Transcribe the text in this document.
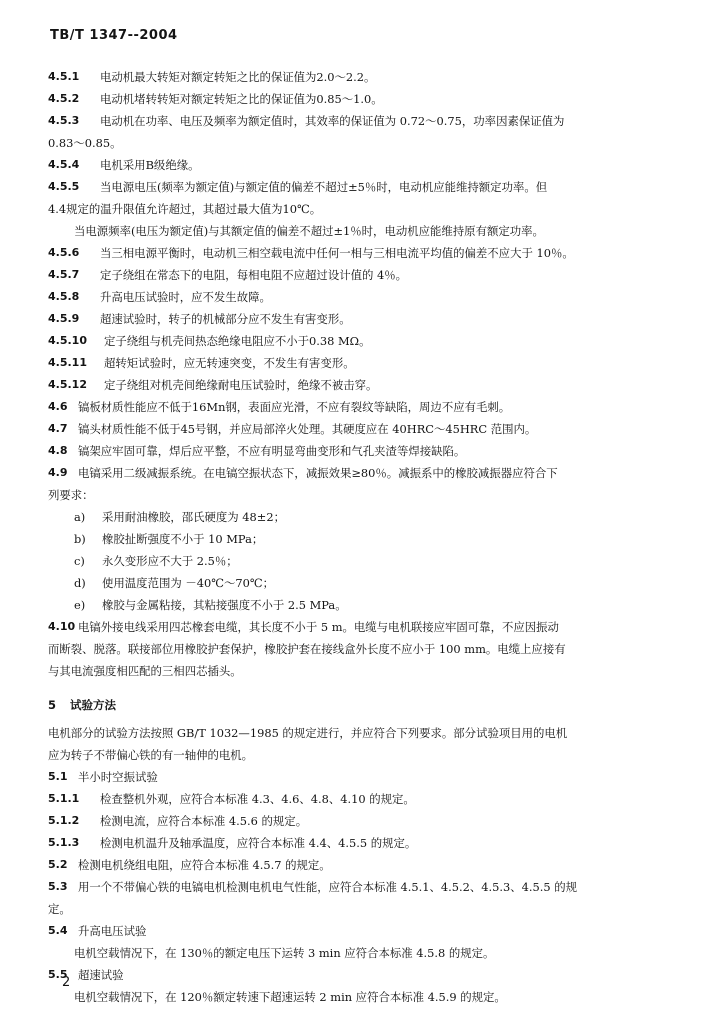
TB/T 1347--2004
4.5.1	电动机最大转矩对额定转矩之比的保证值为2.0～2.2。
4.5.2	电动机堵转转矩对额定转矩之比的保证值为0.85～1.0。
4.5.3	电动机在功率、电压及频率为额定值时，其效率的保证值为 0.72～0.75，功率因素保证值为
0.83～0.85。
4.5.4	电机采用B级绝缘。
4.5.5	当电源电压(频率为额定值)与额定值的偏差不超过±5％时，电动机应能维持额定功率。但
4.4规定的温升限值允许超过，其超过最大值为10℃。
当电源频率(电压为额定值)与其额定值的偏差不超过±1％时，电动机应能维持原有额定功率。
4.5.6	当三相电源平衡时，电动机三相空载电流中任何一相与三相电流平均值的偏差不应大于 10％。
4.5.7	定子绕组在常态下的电阻，每相电阻不应超过设计值的 4％。
4.5.8	升高电压试验时，应不发生故障。
4.5.9	超速试验时，转子的机械部分应不发生有害变形。
4.5.10	定子绕组与机壳间热态绝缘电阻应不小于0.38 MΩ。
4.5.11	超转矩试验时，应无转速突变，不发生有害变形。
4.5.12	定子绕组对机壳间绝缘耐电压试验时，绝缘不被击穿。
4.6 镐板材质性能应不低于16Mn钢，表面应光滑，不应有裂纹等缺陷，周边不应有毛刺。
4.7 镐头材质性能不低于45号钢，并应局部淬火处理。其硬度应在 40HRC～45HRC 范围内。
4.8 镐架应牢固可靠，焊后应平整，不应有明显弯曲变形和气孔夹渣等焊接缺陷。
4.9 电镐采用二级减振系统。在电镐空振状态下，减振效果≥80％。减振系中的橡胶减振器应符合下
列要求：
a)	采用耐油橡胶，邵氏硬度为 48±2；
b)	橡胶扯断强度不小于 10 MPa；
c)	永久变形应不大于 2.5％；
d)	使用温度范围为 －40℃～70℃；
e)	橡胶与金属粘接，其粘接强度不小于 2.5 MPa。
4.10 电镐外接电线采用四芯橡套电缆，其长度不小于 5 m。电缆与电机联接应牢固可靠，不应因振动
而断裂、脱落。联接部位用橡胶护套保护，橡胶护套在接线盒外长度不应小于 100 mm。电缆上应接有
与其电流强度相匹配的三相四芯插头。
5	试验方法
电机部分的试验方法按照 GB/T 1032—1985 的规定进行，并应符合下列要求。部分试验项目用的电机
应为转子不带偏心铁的有一轴伸的电机。
5.1 半小时空振试验
5.1.1	检查整机外观，应符合本标准 4.3、4.6、4.8、4.10 的规定。
5.1.2	检测电流，应符合本标准 4.5.6 的规定。
5.1.3	检测电机温升及轴承温度，应符合本标准 4.4、4.5.5 的规定。
5.2 检测电机绕组电阻，应符合本标准 4.5.7 的规定。
5.3 用一个不带偏心铁的电镐电机检测电机电气性能，应符合本标准 4.5.1、4.5.2、4.5.3、4.5.5 的规
定。
5.4 升高电压试验
电机空载情况下，在 130％的额定电压下运转 3 min 应符合本标准 4.5.8 的规定。
5.5 超速试验
电机空载情况下，在 120％额定转速下超速运转 2 min 应符合本标准 4.5.9 的规定。
2
